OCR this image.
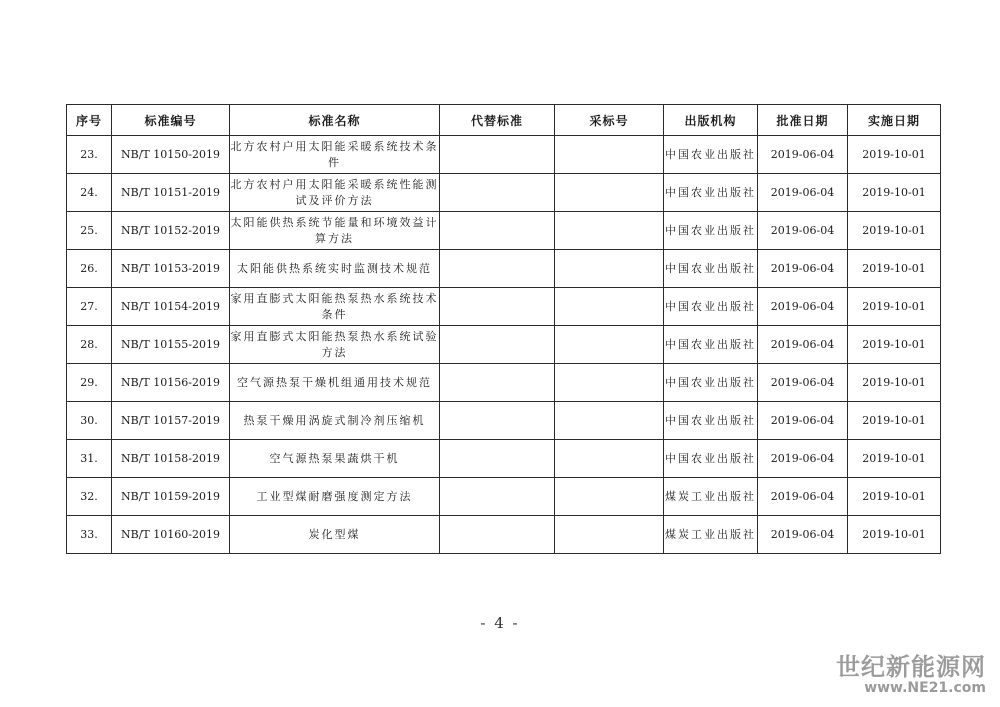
序号	标准编号	标准名称	代替标准	采标号	出版机构	批准日期	实施日期
23.	NB/T 10150-2019	北方农村户用太阳能采暖系统技术条件			中国农业出版社	2019-06-04	2019-10-01
24.	NB/T 10151-2019	北方农村户用太阳能采暖系统性能测试及评价方法			中国农业出版社	2019-06-04	2019-10-01
25.	NB/T 10152-2019	太阳能供热系统节能量和环境效益计算方法			中国农业出版社	2019-06-04	2019-10-01
26.	NB/T 10153-2019	太阳能供热系统实时监测技术规范			中国农业出版社	2019-06-04	2019-10-01
27.	NB/T 10154-2019	家用直膨式太阳能热泵热水系统技术条件			中国农业出版社	2019-06-04	2019-10-01
28.	NB/T 10155-2019	家用直膨式太阳能热泵热水系统试验方法			中国农业出版社	2019-06-04	2019-10-01
29.	NB/T 10156-2019	空气源热泵干燥机组通用技术规范			中国农业出版社	2019-06-04	2019-10-01
30.	NB/T 10157-2019	热泵干燥用涡旋式制冷剂压缩机			中国农业出版社	2019-06-04	2019-10-01
31.	NB/T 10158-2019	空气源热泵果蔬烘干机			中国农业出版社	2019-06-04	2019-10-01
32.	NB/T 10159-2019	工业型煤耐磨强度测定方法			煤炭工业出版社	2019-06-04	2019-10-01
33.	NB/T 10160-2019	炭化型煤			煤炭工业出版社	2019-06-04	2019-10-01
- 4 -
世纪新能源网
www.NE21.com
